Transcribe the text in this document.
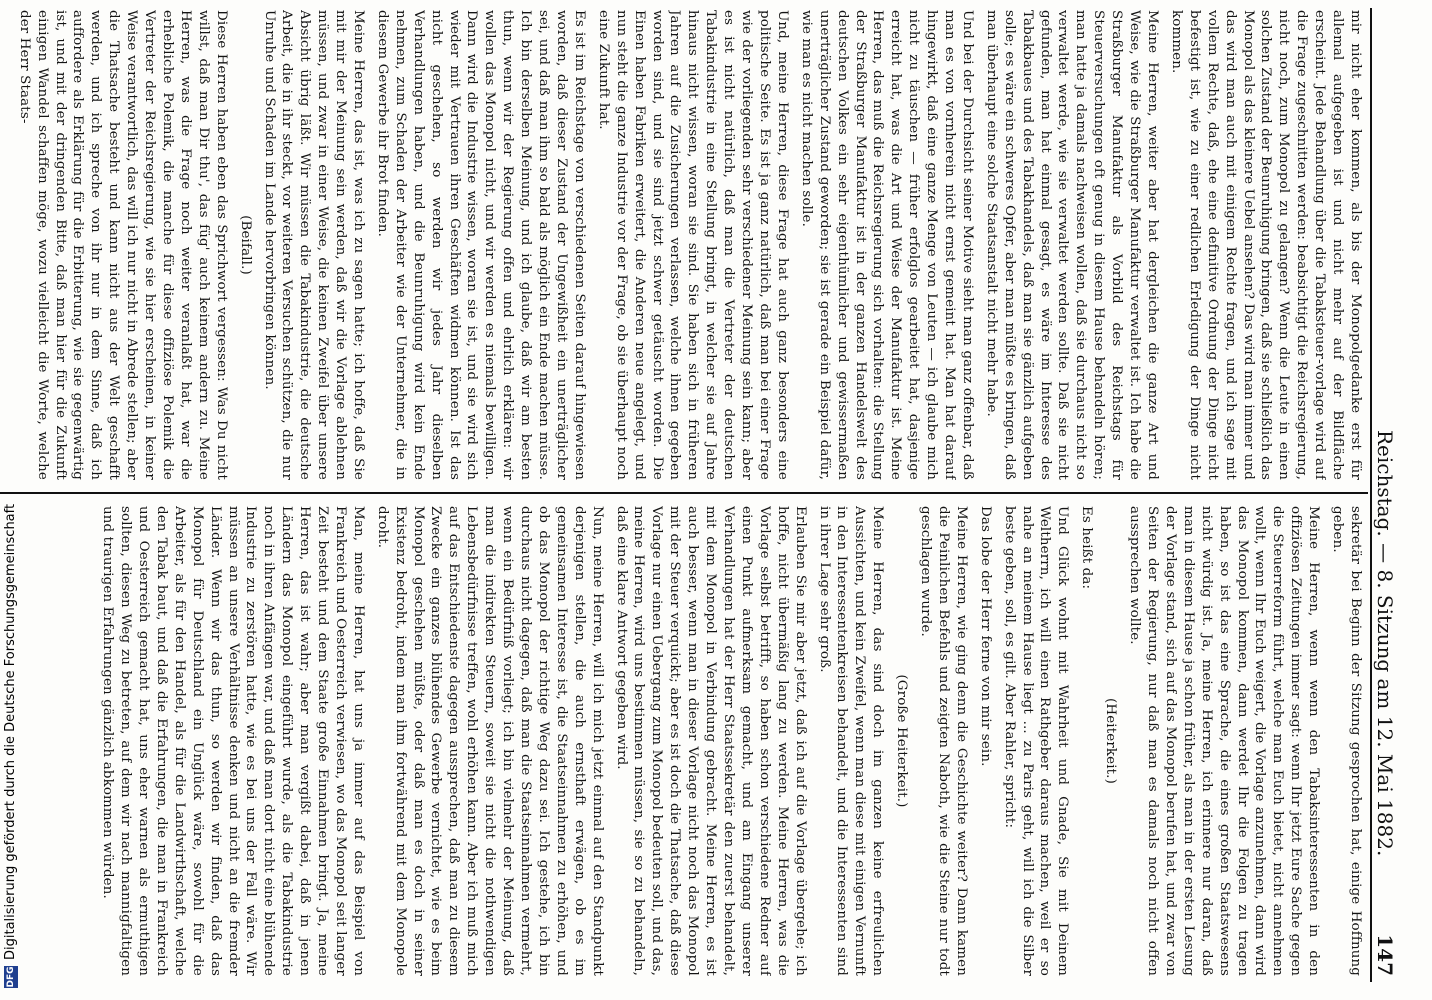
Reichstag. — 8. Sitzung am 12. Mai 1882.
147

mir nicht eher kommen, als bis der Monopolgedanke erst für allemal aufgegeben ist und nicht mehr auf der Bildfläche erscheint. Jede Behandlung über die Tabaksteuer-vorlage wird auf die Frage zugeschnitten werden: beabsichtigt die Reichsregierung, nicht noch, zum Monopol zu gelangen? Wenn die Leute in einen solchen Zustand der Beunruhigung bringen, daß sie schließlich das Monopol als das kleinere Uebel ansehen? Das wird man immer und das wird man auch mit einigem Rechte fragen, und ich sage mit vollem Rechte, daß, ehe eine definitive Ordnung der Dinge nicht befestigt ist, wie zu einer redlichen Erledigung der Dinge nicht kommen.

Meine Herren, weiter aber hat dergleichen die ganze Art und Weise, wie die Straßburger Manufaktur verwaltet ist. Ich habe die Straßburger Manufaktur als Vorbild des Reichstags für Steuerversuchungen oft genug in diesem Hause behandeln hören; man hatte ja damals nachweisen wollen, daß sie durchaus nicht so verwaltet werde, wie sie verwaltet werden sollte. Daß sie nicht gefunden, man hat einmal gesagt, es wäre im Interesse des Tabakbaues und des Tabakhandels, daß man sie gänzlich aufgeben solle; es wäre ein schweres Opfer, aber man müßte es bringen, daß man überhaupt eine solche Staatsanstalt nicht mehr habe.

Und bei der Durchsicht seiner Motive sieht man ganz offenbar, daß man es von vornherein nicht ernst gemeint hat. Man hat darauf hingewirkt, daß eine ganze Menge von Leuten — ich glaube mich nicht zu täuschen — früher erfolglos gearbeitet hat, dasjenige erreicht hat, was die Art und Weise der Manufaktur ist. Meine Herren, das muß die Reichsregierung sich vorhalten: die Stellung der Straßburger Manufaktur ist in der ganzen Handelswelt des deutschen Volkes ein sehr eigenthümlicher und gewissermaßen unerträglicher Zustand geworden; sie ist gerade ein Beispiel dafür, wie man es nicht machen solle.

Und, meine Herren, diese Frage hat auch ganz besonders eine politische Seite. Es ist ja ganz natürlich, daß man bei einer Frage wie der vorliegenden sehr verschiedener Meinung sein kann; aber es ist nicht natürlich, daß man die Vertreter der deutschen Tabakindustrie in eine Stellung bringt, in welcher sie auf Jahre hinaus nicht wissen, woran sie sind. Sie haben sich in früheren Jahren auf die Zusicherungen verlassen, welche ihnen gegeben worden sind, und sie sind jetzt schwer getäuscht worden. Die Einen haben Fabriken erweitert, die Anderen neue angelegt, und nun steht die ganze Industrie vor der Frage, ob sie überhaupt noch eine Zukunft hat.

Es ist im Reichstage von verschiedenen Seiten darauf hingewiesen worden, daß dieser Zustand der Ungewißheit ein unerträglicher sei, und daß man ihm so bald als möglich ein Ende machen müsse. Ich bin derselben Meinung, und ich glaube, daß wir am besten thun, wenn wir der Regierung offen und ehrlich erklären: wir wollen das Monopol nicht, und wir werden es niemals bewilligen. Dann wird die Industrie wissen, woran sie ist, und sie wird sich wieder mit Vertrauen ihren Geschäften widmen können. Ist das nicht geschehen, so werden wir jedes Jahr dieselben Verhandlungen haben, und die Beunruhigung wird kein Ende nehmen, zum Schaden der Arbeiter wie der Unternehmer, die in diesem Gewerbe ihr Brot finden.

Meine Herren, das ist, was ich zu sagen hatte; ich hoffe, daß Sie mit mir der Meinung sein werden, daß wir die Vorlage ablehnen müssen, und zwar in einer Weise, die keinen Zweifel über unsere Absicht übrig läßt. Wir müssen die Tabakindustrie, die deutsche Arbeit, die in ihr steckt, vor weiteren Versuchen schützen, die nur Unruhe und Schaden im Lande hervorbringen können.

(Beifall.)

Diese Herren haben eben das Sprichwort vergessen: Was Du nicht willst, daß man Dir thu', das füg' auch keinem andern zu. Meine Herren, was die Frage noch weiter veranlaßt hat, war die erhebliche Polemik, die manche für diese offiziöse Polemik die Vertreter der Reichsregierung, wie sie hier erscheinen, in keiner Weise verantwortlich, das will ich nur nicht in Abrede stellen; aber die Thatsache besteht und kann nicht aus der Welt geschafft werden, und ich spreche von ihr nur in dem Sinne, daß ich auffordere als Erklärung für die Erbitterung, wie sie gegenwärtig ist, und mit der dringenden Bitte, daß man hier für die Zukunft einigen Wandel schaffen möge, wozu vielleicht die Worte, welche der Herr Staats-

sekretär bei Beginn der Sitzung gesprochen hat, einige Hoffnung geben.

Meine Herren, wenn wenn den Tabaksinteressenten in den offiziösen Zeitungen immer sagt: wenn Ihr jetzt Eure Sache gegen die Steuerreform führt, welche man Euch bietet, nicht annehmen wollt, wenn Ihr Euch weigert, die Vorlage anzunehmen, dann wird das Monopol kommen, dann werdet Ihr die Folgen zu tragen haben, so ist das eine Sprache, die eines großen Staatswesens nicht würdig ist. Ja, meine Herren, ich erinnere nur daran, daß man in diesem Hause ja schon früher, als man in der ersten Lesung der Vorlage stand, sich auf das Monopol berufen hat, und zwar von Seiten der Regierung, nur daß man es damals noch nicht offen aussprechen wollte.

(Heiterkeit.)

Es heißt da:

Und Glück wohnt mit Wahrheit und Gnade, Sie mit Deinem Weltherrn, ich will einen Rathgeber daraus machen, weil er so nahe an meinem Hause liegt ... zu Paris geht, will ich die Silber beste geben, soll, es gilt. Aber Rahler, spricht:

Das lobe der Herr ferne von mir sein.

Meine Herren, wie ging denn die Geschichte weiter? Dann kamen die Peinlichen Befehls und zeigten Naboth, wie die Steine nur todt geschlagen wurde.

(Große Heiterkeit.)

Meine Herren, das sind doch im ganzen keine erfreulichen Aussichten, und kein Zweifel, wenn man diese mit einigen Vernunft in den Interessentenkreisen behandelt, und die Interessenten sind in ihrer Lage sehr groß.

Erlauben Sie mir aber jetzt, daß ich auf die Vorlage übergehe; ich hoffe, nicht übermäßig lang zu werden. Meine Herren, was die Vorlage selbst betrifft, so haben schon verschiedene Redner auf einen Punkt aufmerksam gemacht, und am Eingang unserer Verhandlungen hat der Herr Staatssekretär den zuerst behandelt, mit dem Monopol in Verbindung gebracht. Meine Herren, es ist auch besser, wenn man in dieser Vorlage nicht noch das Monopol mit der Steuer verquickt; aber es ist doch die Thatsache, daß diese Vorlage nur einen Uebergang zum Monopol bedeuten soll, und das, meine Herren, wird uns bestimmen müssen, sie so zu behandeln, daß eine klare Antwort gegeben wird.

Nun, meine Herren, will ich mich jetzt einmal auf den Standpunkt derjenigen stellen, die auch ernsthaft erwägen, ob es im gemeinsamen Interesse ist, die Staatseinnahmen zu erhöhen, und ob das Monopol der richtige Weg dazu sei. Ich gestehe, ich bin durchaus nicht dagegen, daß man die Staatseinnahmen vermehrt, wenn ein Bedürfniß vorliegt; ich bin vielmehr der Meinung, daß man die indirekten Steuern, soweit sie nicht die nothwendigen Lebensbedürfnisse treffen, wohl erhöhen kann. Aber ich muß mich auf das Entschiedenste dagegen aussprechen, daß man zu diesem Zwecke ein ganzes blühendes Gewerbe vernichtet, wie es beim Monopol geschehen müßte, oder daß man es doch in seiner Existenz bedroht, indem man ihm fortwährend mit dem Monopole droht.

Man, meine Herren, hat uns ja immer auf das Beispiel von Frankreich und Oesterreich verwiesen, wo das Monopol seit langer Zeit besteht und dem Staate große Einnahmen bringt. Ja, meine Herren, das ist wahr; aber man vergißt dabei, daß in jenen Ländern das Monopol eingeführt wurde, als die Tabakindustrie noch in ihren Anfängen war, und daß man dort nicht eine blühende Industrie zu zerstören hatte, wie es bei uns der Fall wäre. Wir müssen an unsere Verhältnisse denken und nicht an die fremder Länder. Wenn wir das thun, so werden wir finden, daß das Monopol für Deutschland ein Unglück wäre, sowohl für die Arbeiter, als für den Handel, als für die Landwirthschaft, welche den Tabak baut, und daß die Erfahrungen, die man in Frankreich und Oesterreich gemacht hat, uns eher warnen als ermuthigen sollten, diesen Weg zu betreten, auf dem wir nach mannigfaltigen und traurigen Erfahrungen gänzlich abkommen würden.

DFGDigitalisierung gefördert durch die Deutsche Forschungsgemeinschaft
